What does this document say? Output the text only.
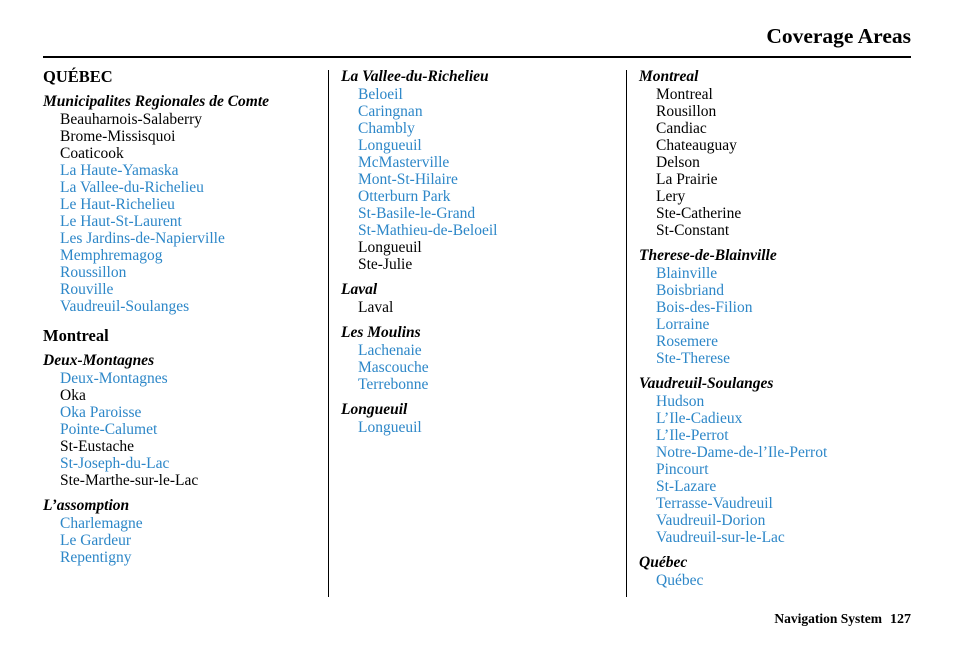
Coverage Areas
QUÉBEC
Municipalites Regionales de Comte
Beauharnois-Salaberry
Brome-Missisquoi
Coaticook
La Haute-Yamaska
La Vallee-du-Richelieu
Le Haut-Richelieu
Le Haut-St-Laurent
Les Jardins-de-Napierville
Memphremagog
Roussillon
Rouville
Vaudreuil-Soulanges
Montreal
Deux-Montagnes
Deux-Montagnes
Oka
Oka Paroisse
Pointe-Calumet
St-Eustache
St-Joseph-du-Lac
Ste-Marthe-sur-le-Lac
L’assomption
Charlemagne
Le Gardeur
Repentigny
La Vallee-du-Richelieu
Beloeil
Caringnan
Chambly
Longueuil
McMasterville
Mont-St-Hilaire
Otterburn Park
St-Basile-le-Grand
St-Mathieu-de-Beloeil
Longueuil
Ste-Julie
Laval
Laval
Les Moulins
Lachenaie
Mascouche
Terrebonne
Longueuil
Longueuil
Montreal
Montreal
Rousillon
Candiac
Chateauguay
Delson
La Prairie
Lery
Ste-Catherine
St-Constant
Therese-de-Blainville
Blainville
Boisbriand
Bois-des-Filion
Lorraine
Rosemere
Ste-Therese
Vaudreuil-Soulanges
Hudson
L’Ile-Cadieux
L’Ile-Perrot
Notre-Dame-de-l’Ile-Perrot
Pincourt
St-Lazare
Terrasse-Vaudreuil
Vaudreuil-Dorion
Vaudreuil-sur-le-Lac
Québec
Québec
Navigation System 127
